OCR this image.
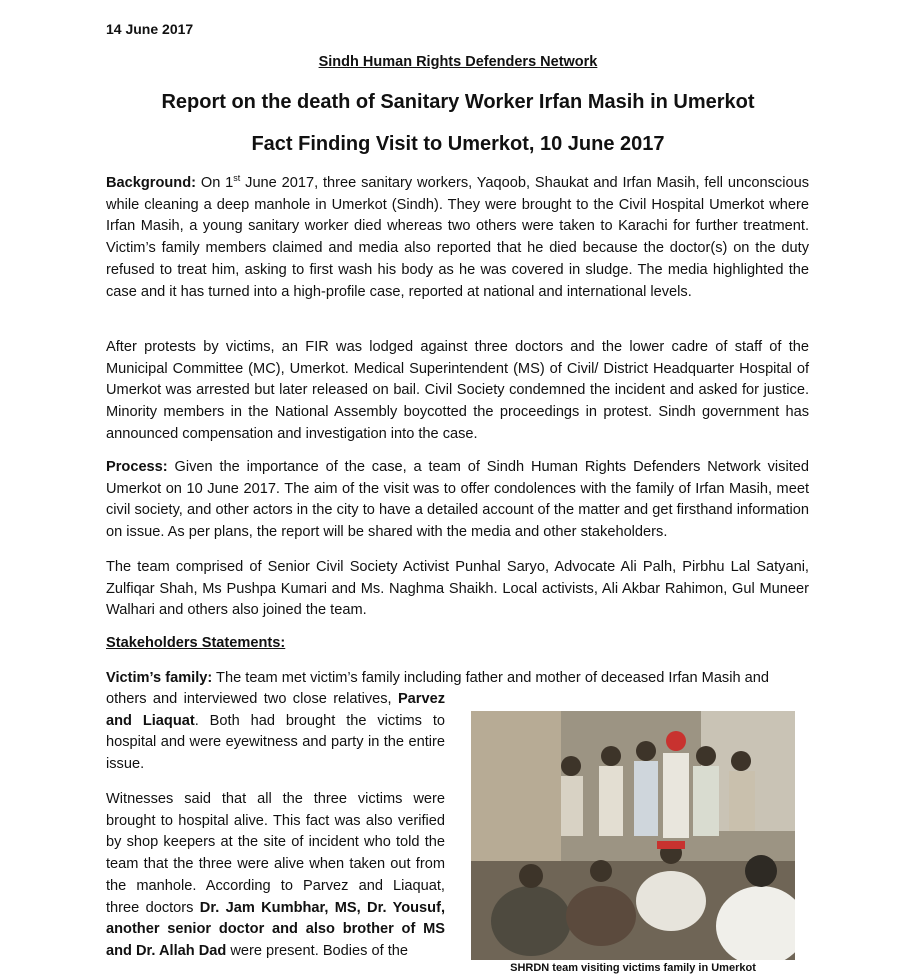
14 June 2017
Sindh Human Rights Defenders Network
Report on the death of Sanitary Worker Irfan Masih in Umerkot
Fact Finding Visit to Umerkot, 10 June 2017

Background: On 1st June 2017, three sanitary workers, Yaqoob, Shaukat and Irfan Masih, fell unconscious while cleaning a deep manhole in Umerkot (Sindh). They were brought to the Civil Hospital Umerkot where Irfan Masih, a young sanitary worker died whereas two others were taken to Karachi for further treatment. Victim’s family members claimed and media also reported that he died because the doctor(s) on the duty refused to treat him, asking to first wash his body as he was covered in sludge. The media highlighted the case and it has turned into a high-profile case, reported at national and international levels.

After protests by victims, an FIR was lodged against three doctors and the lower cadre of staff of the Municipal Committee (MC), Umerkot. Medical Superintendent (MS) of Civil/ District Headquarter Hospital of Umerkot was arrested but later released on bail. Civil Society condemned the incident and asked for justice. Minority members in the National Assembly boycotted the proceedings in protest. Sindh government has announced compensation and investigation into the case.

Process: Given the importance of the case, a team of Sindh Human Rights Defenders Network visited Umerkot on 10 June 2017. The aim of the visit was to offer condolences with the family of Irfan Masih, meet civil society, and other actors in the city to have a detailed account of the matter and get firsthand information on issue. As per plans, the report will be shared with the media and other stakeholders.

The team comprised of Senior Civil Society Activist Punhal Saryo, Advocate Ali Palh, Pirbhu Lal Satyani, Zulfiqar Shah, Ms Pushpa Kumari and Ms. Naghma Shaikh. Local activists, Ali Akbar Rahimon, Gul Muneer Walhari and others also joined the team.

Stakeholders Statements:

Victim’s family: The team met victim’s family including father and mother of deceased Irfan Masih and

others and interviewed two close relatives, Parvez and Liaquat. Both had brought the victims to hospital and were eyewitness and party in the entire issue.

Witnesses said that all the three victims were brought to hospital alive. This fact was also verified by shop keepers at the site of incident who told the team that the three were alive when taken out from the manhole. According to Parvez and Liaquat, three doctors Dr. Jam Kumbhar, MS, Dr. Yousuf, another senior doctor and also brother of MS and Dr. Allah Dad were present. Bodies of the

SHRDN team visiting victims family in Umerkot
